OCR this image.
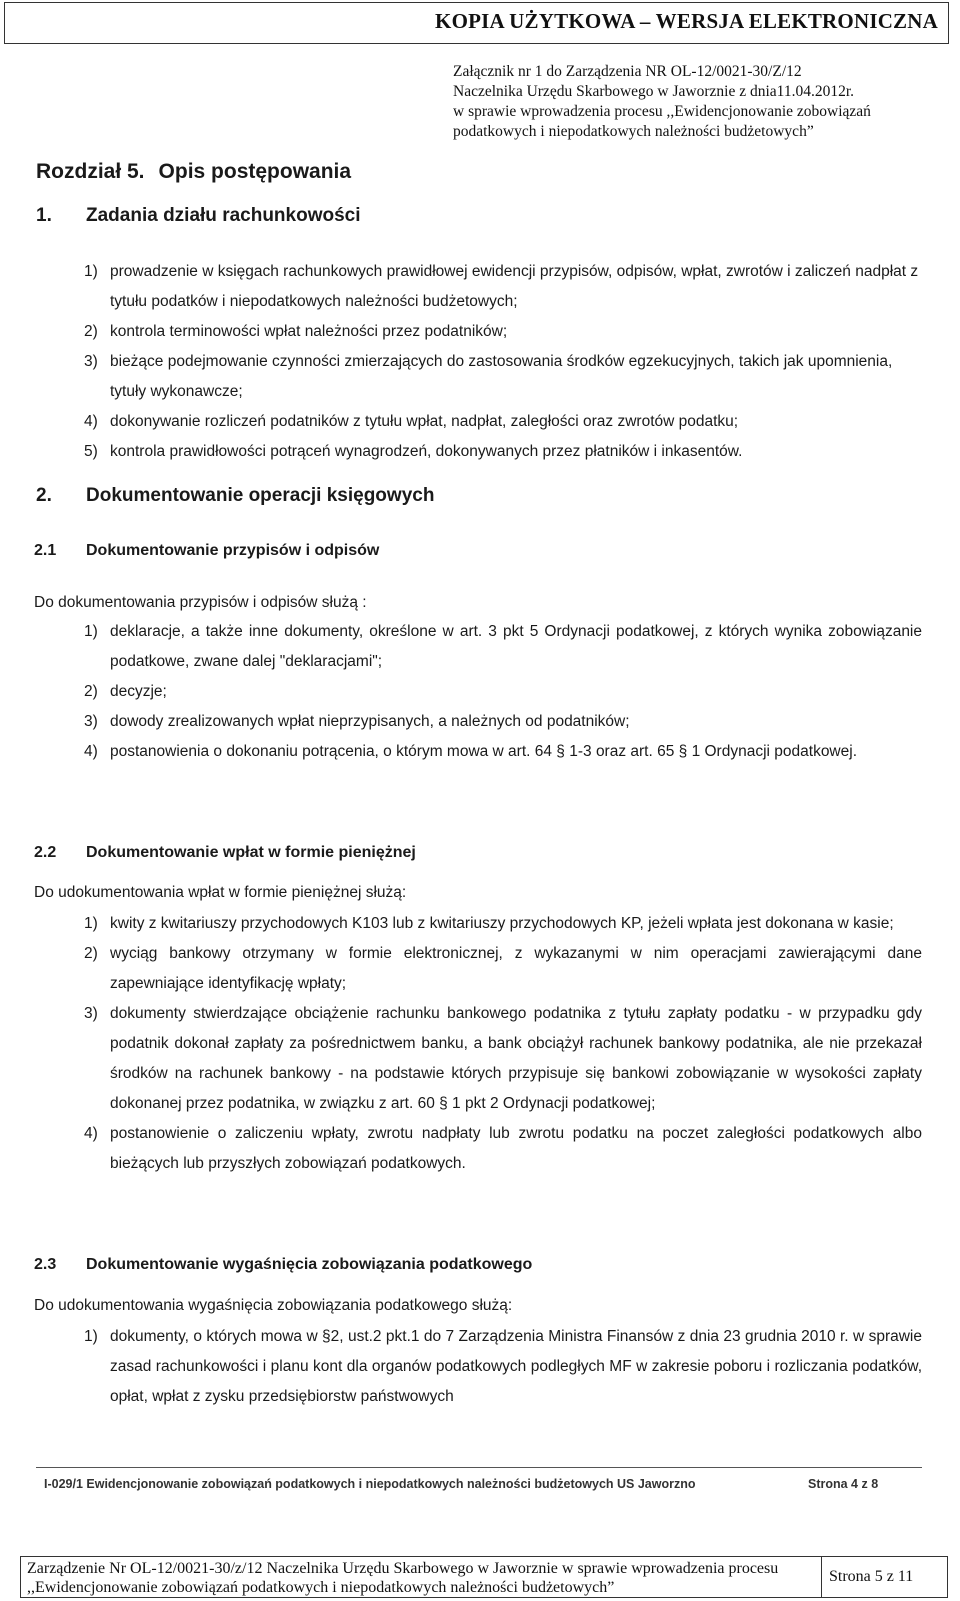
KOPIA UŻYTKOWA – WERSJA ELEKTRONICZNA
Załącznik nr 1 do Zarządzenia NR OL-12/0021-30/Z/12
Naczelnika Urzędu Skarbowego w Jaworznie z dnia11.04.2012r.
w sprawie wprowadzenia procesu ,,Ewidencjonowanie zobowiązań
podatkowych i niepodatkowych należności budżetowych”
Rozdział 5. Opis postępowania
1. Zadania działu rachunkowości
1) prowadzenie w księgach rachunkowych prawidłowej ewidencji przypisów, odpisów, wpłat, zwrotów i zaliczeń nadpłat z tytułu podatków i niepodatkowych należności budżetowych;
2) kontrola terminowości wpłat należności przez podatników;
3) bieżące podejmowanie czynności zmierzających do zastosowania środków egzekucyjnych, takich jak upomnienia, tytuły wykonawcze;
4) dokonywanie rozliczeń podatników z tytułu wpłat, nadpłat, zaległości oraz zwrotów podatku;
5) kontrola prawidłowości potrąceń wynagrodzeń, dokonywanych przez płatników i inkasentów.
2. Dokumentowanie operacji księgowych
2.1 Dokumentowanie przypisów i odpisów
Do dokumentowania przypisów i odpisów służą :
1) deklaracje, a także inne dokumenty, określone w art. 3 pkt 5 Ordynacji podatkowej, z których wynika zobowiązanie podatkowe, zwane dalej "deklaracjami";
2) decyzje;
3) dowody zrealizowanych wpłat nieprzypisanych, a należnych od podatników;
4) postanowienia o dokonaniu potrącenia, o którym mowa w art. 64 § 1-3 oraz art. 65 § 1 Ordynacji podatkowej.
2.2 Dokumentowanie wpłat w formie pieniężnej
Do udokumentowania wpłat w formie pieniężnej służą:
1) kwity z kwitariuszy przychodowych K103 lub z kwitariuszy przychodowych KP, jeżeli wpłata jest dokonana w kasie;
2) wyciąg bankowy otrzymany w formie elektronicznej, z wykazanymi w nim operacjami zawierającymi dane zapewniające identyfikację wpłaty;
3) dokumenty stwierdzające obciążenie rachunku bankowego podatnika z tytułu zapłaty podatku - w przypadku gdy podatnik dokonał zapłaty za pośrednictwem banku, a bank obciążył rachunek bankowy podatnika, ale nie przekazał środków na rachunek bankowy - na podstawie których przypisuje się bankowi zobowiązanie w wysokości zapłaty dokonanej przez podatnika, w związku z art. 60 § 1 pkt 2 Ordynacji podatkowej;
4) postanowienie o zaliczeniu wpłaty, zwrotu nadpłaty lub zwrotu podatku na poczet zaległości podatkowych albo bieżących lub przyszłych zobowiązań podatkowych.
2.3 Dokumentowanie wygaśnięcia zobowiązania podatkowego
Do udokumentowania wygaśnięcia zobowiązania podatkowego służą:
1) dokumenty, o których mowa w §2, ust.2 pkt.1 do 7 Zarządzenia Ministra Finansów z dnia 23 grudnia 2010 r. w sprawie zasad rachunkowości i planu kont dla organów podatkowych podległych MF w zakresie poboru i rozliczania podatków, opłat, wpłat z zysku przedsiębiorstw państwowych
I-029/1 Ewidencjonowanie zobowiązań podatkowych i niepodatkowych należności budżetowych US Jaworzno	Strona 4 z 8
Zarządzenie Nr OL-12/0021-30/z/12 Naczelnika Urzędu Skarbowego w Jaworznie w sprawie wprowadzenia procesu
,,Ewidencjonowanie zobowiązań podatkowych i niepodatkowych należności budżetowych”
Strona 5 z 11
